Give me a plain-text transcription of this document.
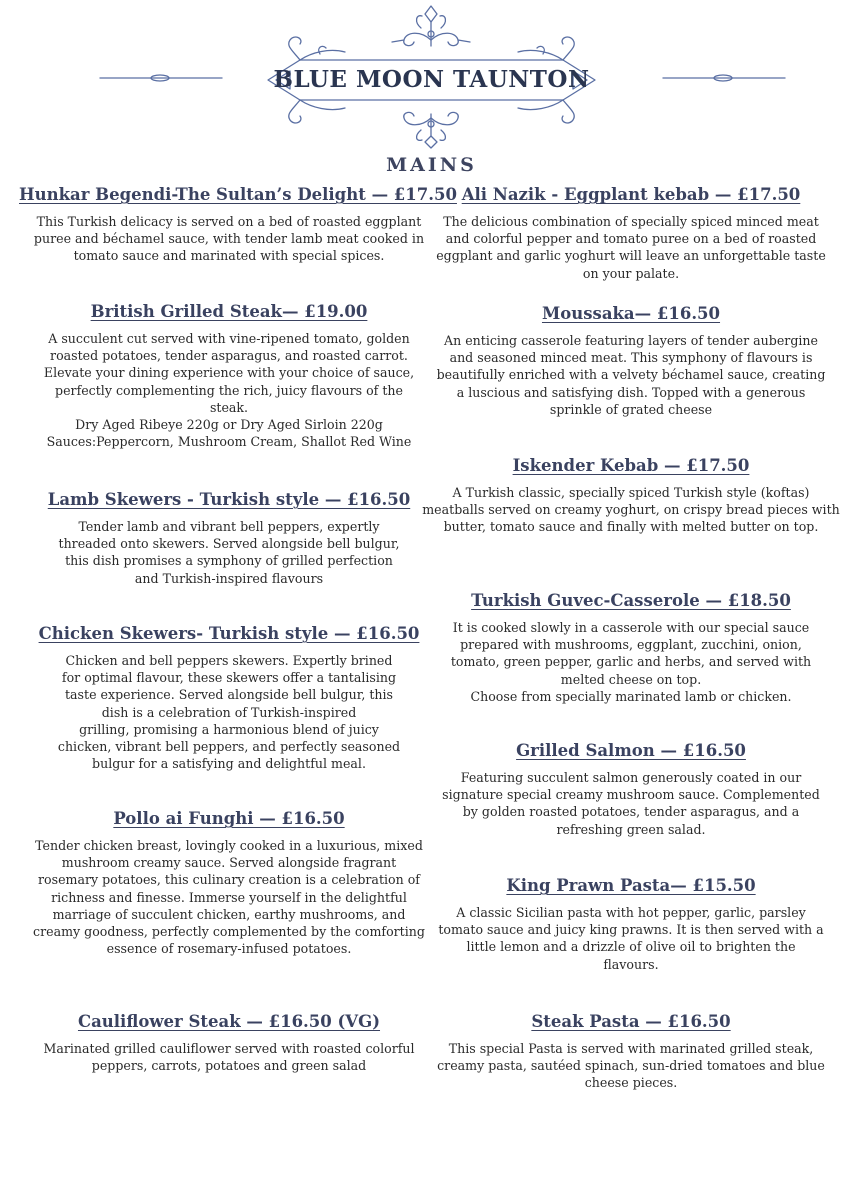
BLUE MOON TAUNTON
MAINS
Hunkar Begendi-The Sultan’s Delight — £17.50
This Turkish delicacy is served on a bed of roasted eggplant
puree and béchamel sauce, with tender lamb meat cooked in
tomato sauce and marinated with special spices.
British Grilled Steak— £19.00
A succulent cut served with vine-ripened tomato, golden
roasted potatoes, tender asparagus, and roasted carrot.
Elevate your dining experience with your choice of sauce,
perfectly complementing the rich, juicy flavours of the
steak.
Dry Aged Ribeye 220g or Dry Aged Sirloin 220g
Sauces:Peppercorn, Mushroom Cream, Shallot Red Wine
Lamb Skewers - Turkish style — £16.50
Tender lamb and vibrant bell peppers, expertly
threaded onto skewers. Served alongside bell bulgur,
this dish promises a symphony of grilled perfection
and Turkish-inspired flavours
Chicken Skewers- Turkish style — £16.50
Chicken and bell peppers skewers. Expertly brined
for optimal flavour, these skewers offer a tantalising
taste experience. Served alongside bell bulgur, this
dish is a celebration of Turkish-inspired
grilling, promising a harmonious blend of juicy
chicken, vibrant bell peppers, and perfectly seasoned
bulgur for a satisfying and delightful meal.
Pollo ai Funghi — £16.50
Tender chicken breast, lovingly cooked in a luxurious, mixed
mushroom creamy sauce. Served alongside fragrant
rosemary potatoes, this culinary creation is a celebration of
richness and finesse. Immerse yourself in the delightful
marriage of succulent chicken, earthy mushrooms, and
creamy goodness, perfectly complemented by the comforting
essence of rosemary-infused potatoes.
Cauliflower Steak — £16.50 (VG)
Marinated grilled cauliflower served with roasted colorful
peppers, carrots, potatoes and green salad
Ali Nazik - Eggplant kebab — £17.50
The delicious combination of specially spiced minced meat
and colorful pepper and tomato puree on a bed of roasted
eggplant and garlic yoghurt will leave an unforgettable taste
on your palate.
Moussaka— £16.50
An enticing casserole featuring layers of tender aubergine
and seasoned minced meat. This symphony of flavours is
beautifully enriched with a velvety béchamel sauce, creating
a luscious and satisfying dish. Topped with a generous
sprinkle of grated cheese
Iskender Kebab — £17.50
A Turkish classic, specially spiced Turkish style (koftas)
meatballs served on creamy yoghurt, on crispy bread pieces with
butter, tomato sauce and finally with melted butter on top.
Turkish Guvec-Casserole — £18.50
It is cooked slowly in a casserole with our special sauce
prepared with mushrooms, eggplant, zucchini, onion,
tomato, green pepper, garlic and herbs, and served with
melted cheese on top.
Choose from specially marinated lamb or chicken.
Grilled Salmon — £16.50
Featuring succulent salmon generously coated in our
signature special creamy mushroom sauce. Complemented
by golden roasted potatoes, tender asparagus, and a
refreshing green salad.
King Prawn Pasta— £15.50
A classic Sicilian pasta with hot pepper, garlic, parsley
tomato sauce and juicy king prawns. It is then served with a
little lemon and a drizzle of olive oil to brighten the
flavours.
Steak Pasta — £16.50
This special Pasta is served with marinated grilled steak,
creamy pasta, sautéed spinach, sun-dried tomatoes and blue
cheese pieces.
